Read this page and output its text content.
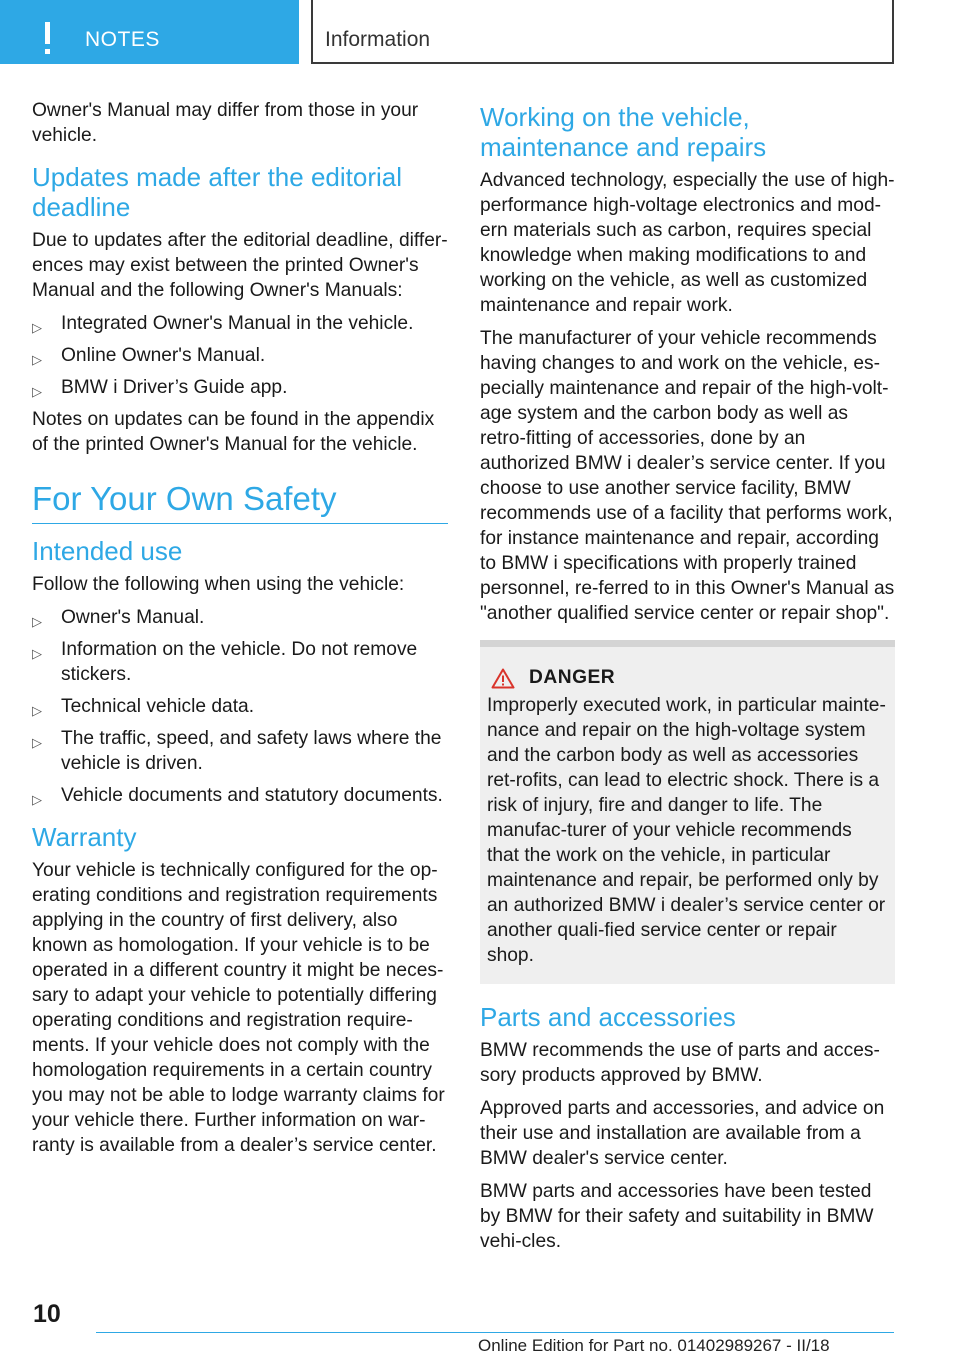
NOTES	Information

Owner's Manual may differ from those in your vehicle.

Updates made after the editorial deadline

Due to updates after the editorial deadline, differ-ences may exist between the printed Owner's Manual and the following Owner's Manuals:

▷ Integrated Owner's Manual in the vehicle.
▷ Online Owner's Manual.
▷ BMW i Driver’s Guide app.

Notes on updates can be found in the appendix of the printed Owner's Manual for the vehicle.

For Your Own Safety
Intended use

Follow the following when using the vehicle:

▷ Owner's Manual.
▷ Information on the vehicle. Do not remove stickers.
▷ Technical vehicle data.
▷ The traffic, speed, and safety laws where the vehicle is driven.
▷ Vehicle documents and statutory documents.
Warranty

Your vehicle is technically configured for the op-erating conditions and registration requirements applying in the country of first delivery, also known as homologation. If your vehicle is to be operated in a different country it might be neces-sary to adapt your vehicle to potentially differing operating conditions and registration require-ments. If your vehicle does not comply with the homologation requirements in a certain country you may not be able to lodge warranty claims for your vehicle there. Further information on war-ranty is available from a dealer’s service center.

Working on the vehicle, maintenance and repairs

Advanced technology, especially the use of high-performance high-voltage electronics and mod-ern materials such as carbon, requires special knowledge when making modifications to and working on the vehicle, as well as customized maintenance and repair work.

The manufacturer of your vehicle recommends having changes to and work on the vehicle, es-pecially maintenance and repair of the high-volt-age system and the carbon body as well as retro-fitting of accessories, done by an authorized BMW i dealer’s service center. If you choose to use another service facility, BMW recommends use of a facility that performs work, for instance maintenance and repair, according to BMW i specifications with properly trained personnel, re-ferred to in this Owner's Manual as "another qualified service center or repair shop".

DANGER

Improperly executed work, in particular mainte-nance and repair on the high-voltage system and the carbon body as well as accessories ret-rofits, can lead to electric shock. There is a risk of injury, fire and danger to life. The manufac-turer of your vehicle recommends that the work on the vehicle, in particular maintenance and repair, be performed only by an authorized BMW i dealer’s service center or another quali-fied service center or repair shop.

Parts and accessories

BMW recommends the use of parts and acces-sory products approved by BMW.

Approved parts and accessories, and advice on their use and installation are available from a BMW dealer's service center.

BMW parts and accessories have been tested by BMW for their safety and suitability in BMW vehi-cles.

10
Online Edition for Part no. 01402989267 - II/18
